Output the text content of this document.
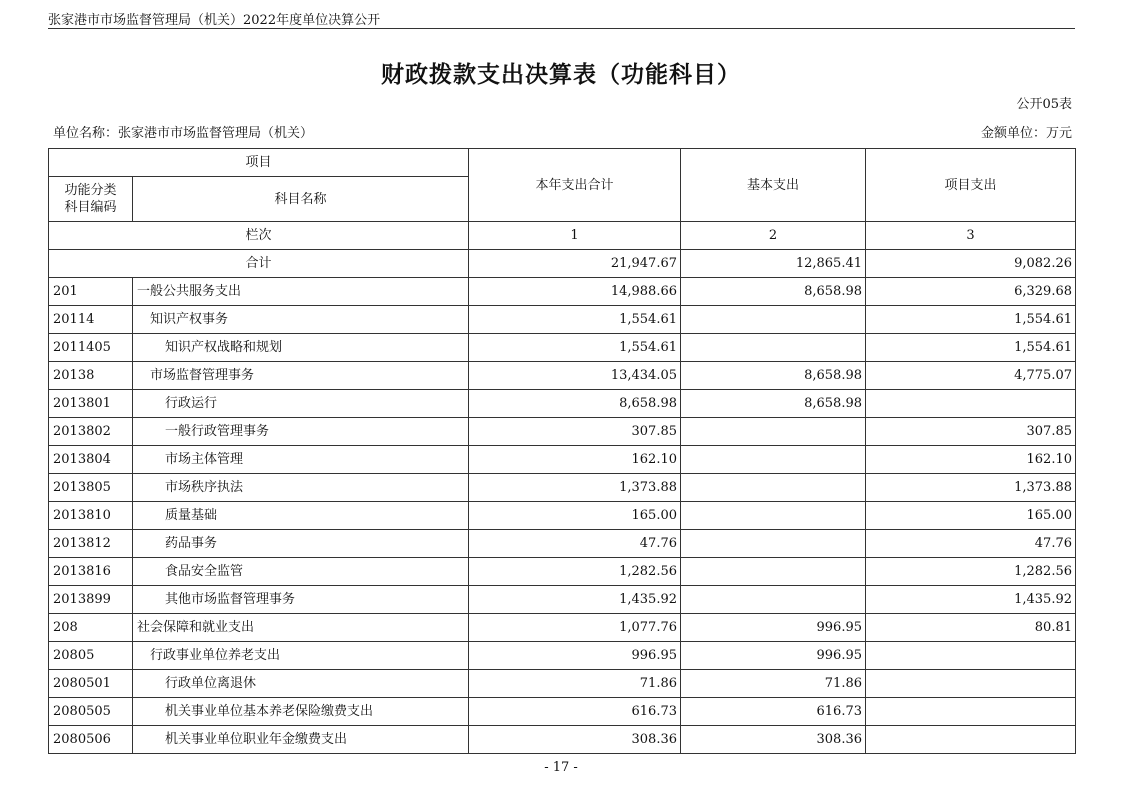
张家港市市场监督管理局（机关）2022年度单位决算公开
财政拨款支出决算表（功能科目）
公开05表
单位名称：张家港市市场监督管理局（机关）	金额单位：万元
项目		本年支出合计	基本支出	项目支出
功能分类
科目编码	科目名称			
栏次		1	2	3
合计		21,947.67	12,865.41	9,082.26
201	一般公共服务支出	14,988.66	8,658.98	6,329.68
20114	知识产权事务	1,554.61		1,554.61
2011405	知识产权战略和规划	1,554.61		1,554.61
20138	市场监督管理事务	13,434.05	8,658.98	4,775.07
2013801	行政运行	8,658.98	8,658.98	
2013802	一般行政管理事务	307.85		307.85
2013804	市场主体管理	162.10		162.10
2013805	市场秩序执法	1,373.88		1,373.88
2013810	质量基础	165.00		165.00
2013812	药品事务	47.76		47.76
2013816	食品安全监管	1,282.56		1,282.56
2013899	其他市场监督管理事务	1,435.92		1,435.92
208	社会保障和就业支出	1,077.76	996.95	80.81
20805	行政事业单位养老支出	996.95	996.95	
2080501	行政单位离退休	71.86	71.86	
2080505	机关事业单位基本养老保险缴费支出	616.73	616.73	
2080506	机关事业单位职业年金缴费支出	308.36	308.36	
- 17 -
